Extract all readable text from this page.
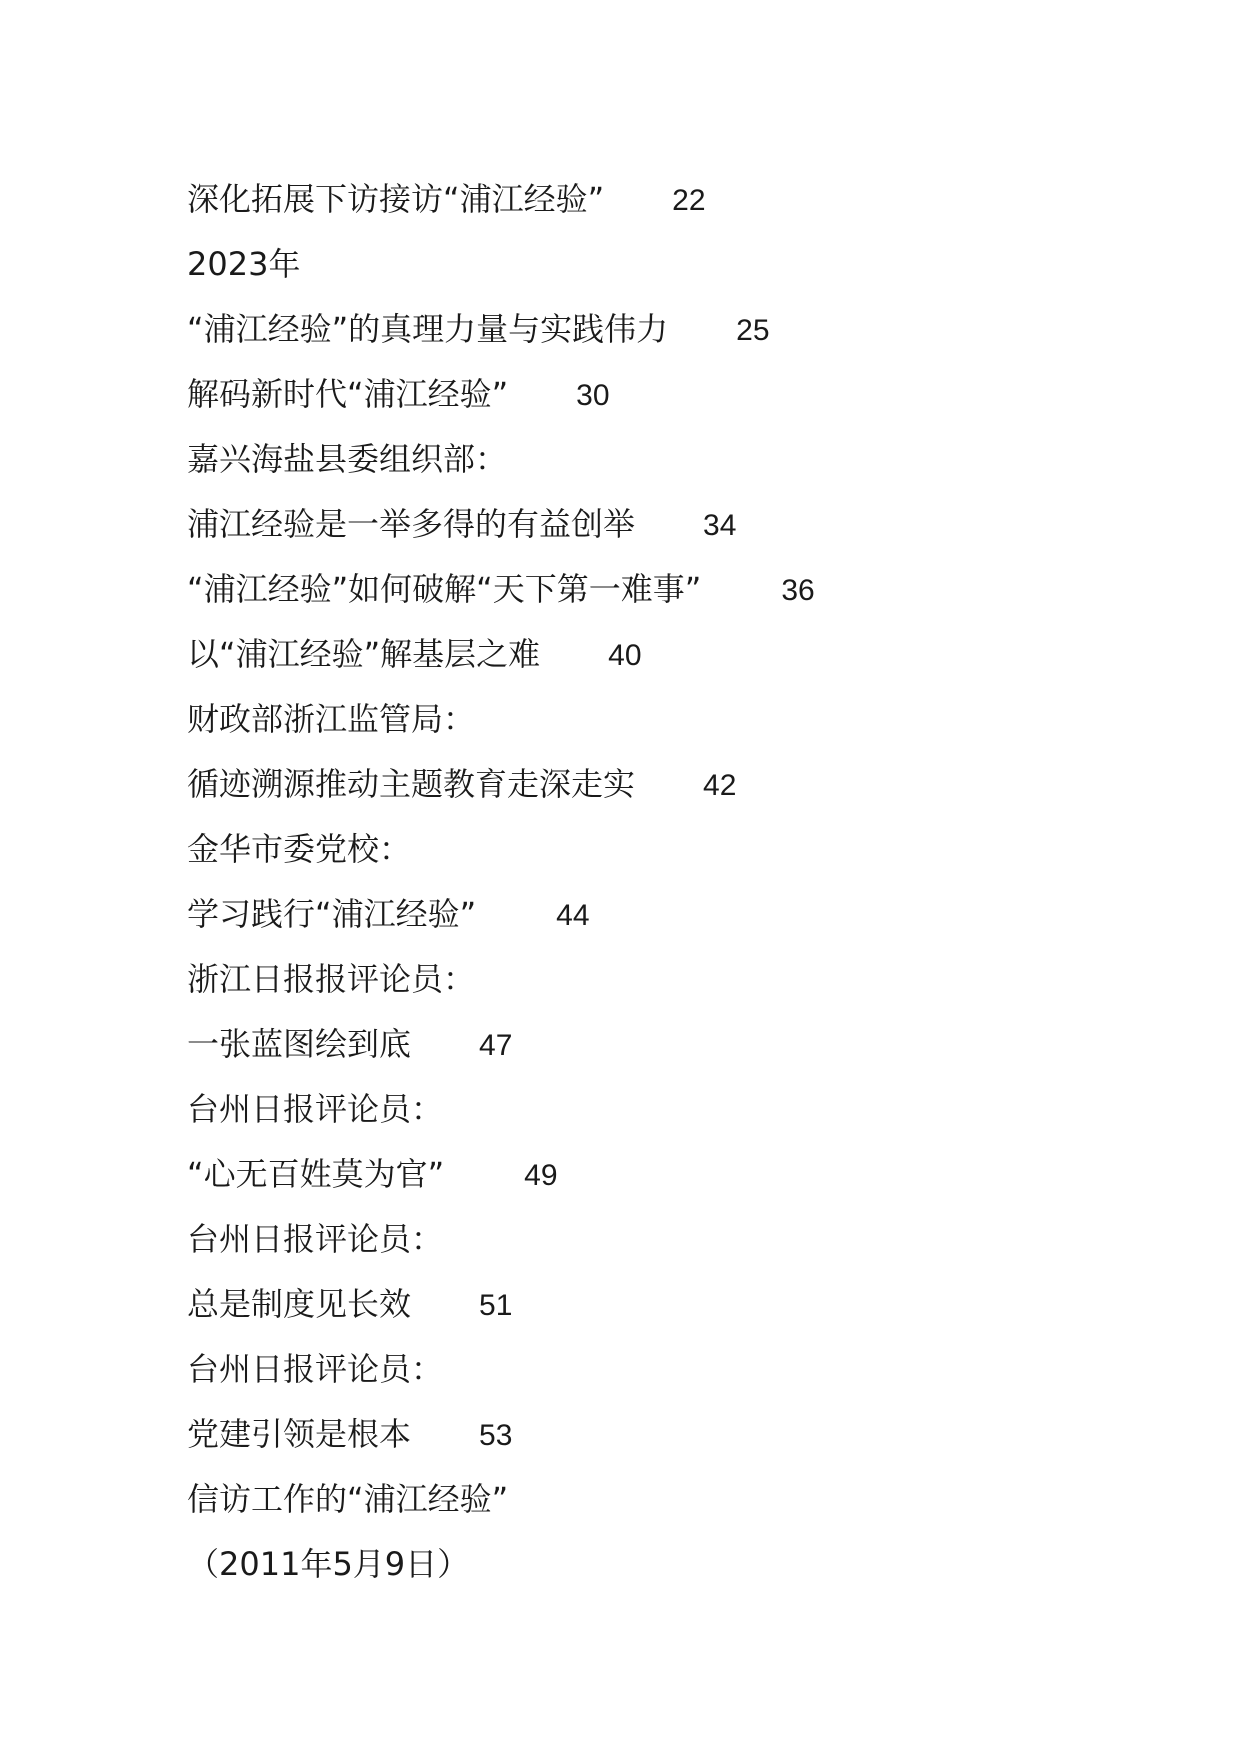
深化拓展下访接访“浦江经验” 22
2023年
“浦江经验”的真理力量与实践伟力 25
解码新时代“浦江经验” 30
嘉兴海盐县委组织部：
浦江经验是一举多得的有益创举 34
“浦江经验”如何破解“天下第一难事”	36
以“浦江经验”解基层之难 40
财政部浙江监管局：
循迹溯源推动主题教育走深走实 42
金华市委党校：
学习践行“浦江经验”	44
浙江日报报评论员：
一张蓝图绘到底 47
台州日报评论员：
“心无百姓莫为官”	49
台州日报评论员：
总是制度见长效 51
台州日报评论员：
党建引领是根本 53
信访工作的“浦江经验”
（2011年5月9日）
